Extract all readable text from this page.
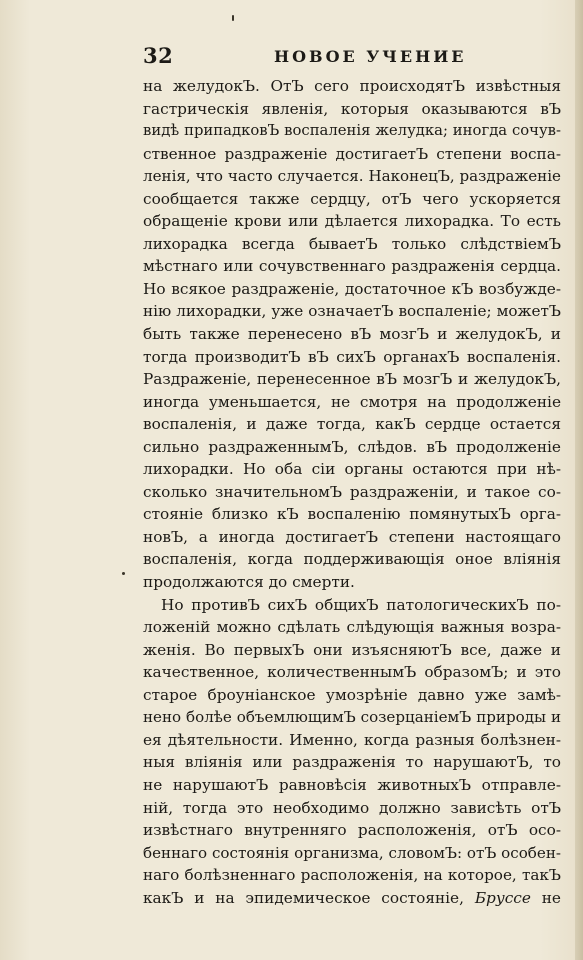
32	НОВОЕ УЧЕНИЕ
на желудокЪ. ОтЪ сего происходятЪ извѣстныя
гастрическія явленія, которыя оказываются вЪ
видѣ припадковЪ воспаленія желудка; иногда сочув-
ственное раздраженіе достигаетЪ степени воспа-
ленія, что часто случается. НаконецЪ, раздраженіе
сообщается также сердцу, отЪ чего ускоряется
обращеніе крови или дѣлается лихорадка. То есть
лихорадка всегда бываетЪ только слѣдствіемЪ
мѣстнаго или сочувственнаго раздраженія сердца.
Но всякое раздраженіе, достаточное кЪ возбужде-
нію лихорадки, уже означаетЪ воспаленіе; можетЪ
быть также перенесено вЪ мозгЪ и желудокЪ, и
тогда производитЪ вЪ сихЪ органахЪ воспаленія.
Раздраженіе, перенесенное вЪ мозгЪ и желудокЪ,
иногда уменьшается, не смотря на продолженіе
воспаленія, и даже тогда, какЪ сердце остается
сильно раздраженнымЪ, слѣдов. вЪ продолженіе
лихорадки. Но оба сіи органы остаются при нѣ-
сколько значительномЪ раздраженіи, и такое со-
стояніе близко кЪ воспаленію помянутыхЪ орга-
новЪ, а иногда достигаетЪ степени настоящаго
воспаленія, когда поддерживающія оное вліянія
продолжаются до смерти.
Но противЪ сихЪ общихЪ патологическихЪ по-
ложеній можно сдѣлать слѣдующія важныя возра-
женія. Во первыхЪ они изъясняютЪ все, даже и
качественное, количественнымЪ образомЪ; и это
старое броуніанское умозрѣніе давно уже замѣ-
нено болѣе объемлющимЪ созерцаніемЪ природы и
ея дѣятельности. Именно, когда разныя болѣзнен-
ныя вліянія или раздраженія то нарушаютЪ, то
не нарушаютЪ равновѣсія животныхЪ отправле-
ній, тогда это необходимо должно зависѣть отЪ
извѣстнаго внутренняго расположенія, отЪ осо-
беннаго состоянія организма, словомЪ: отЪ особен-
наго болѣзненнаго расположенія, на которое, такЪ
какЪ и на эпидемическое состояніе, Бруссе не
